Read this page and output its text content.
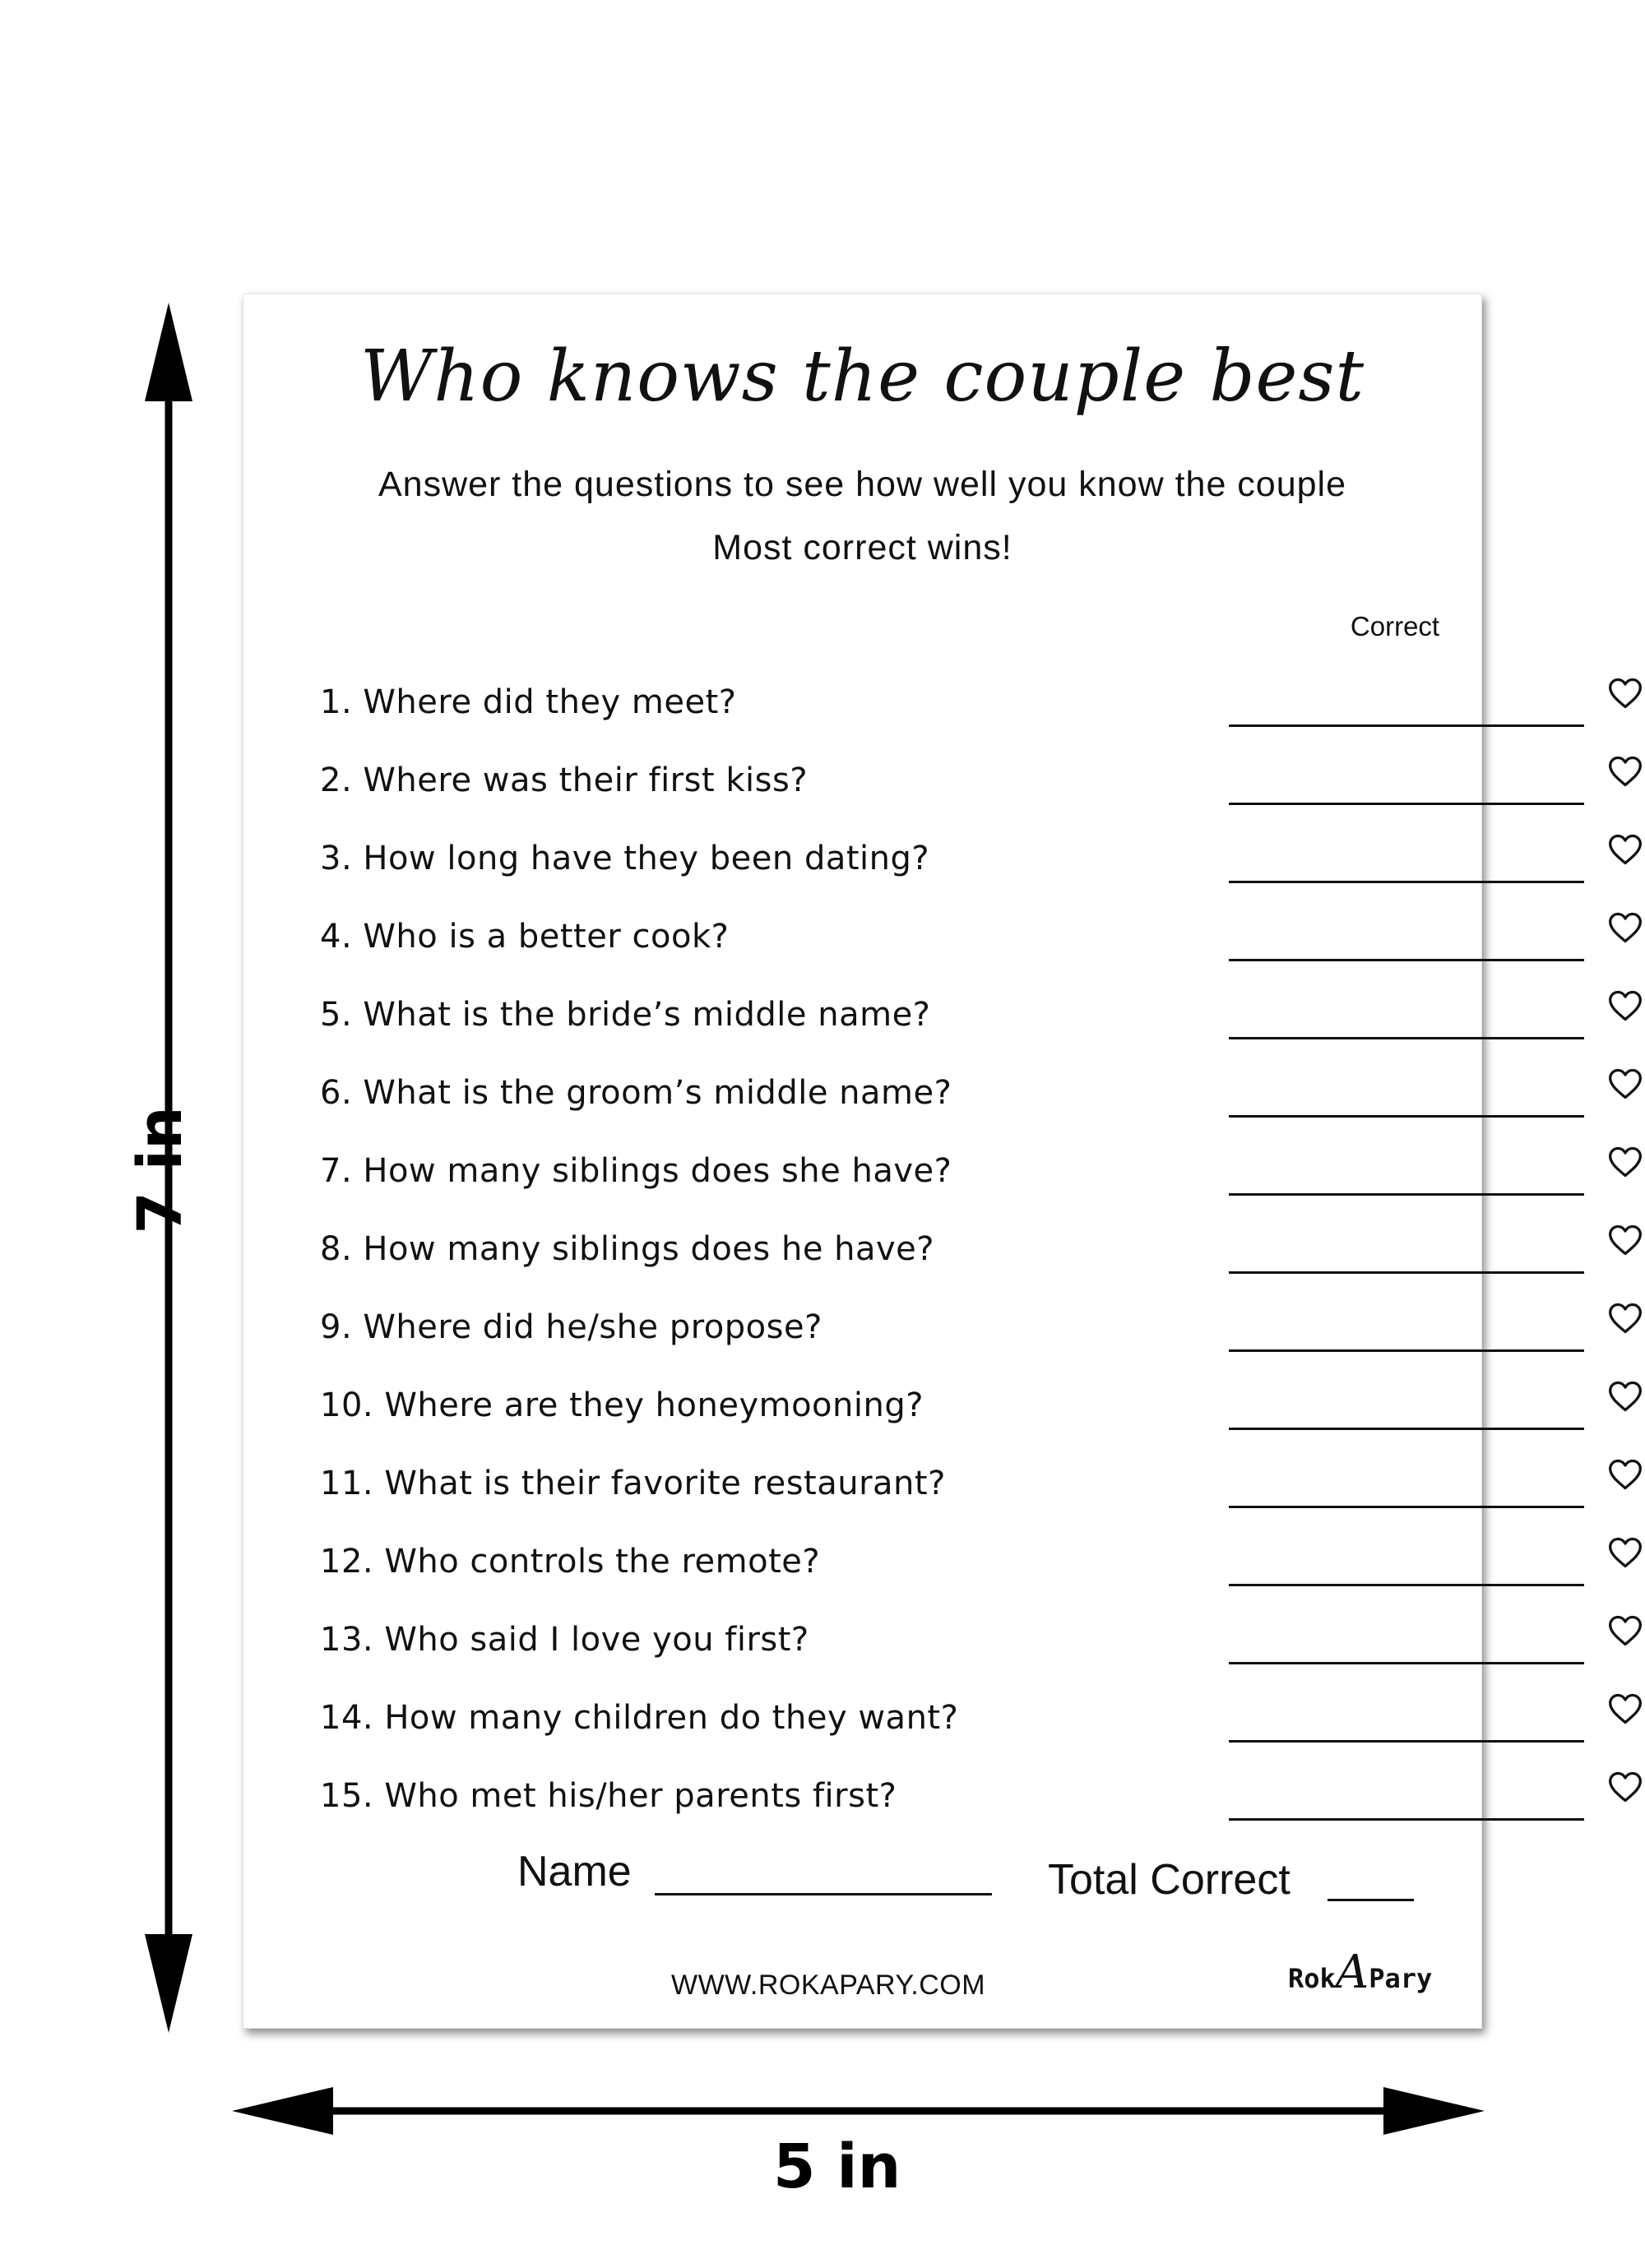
7 in
5 in
Who knows the couple best
Answer the questions to see how well you know the couple
Most correct wins!
Correct
1. Where did they meet?
2. Where was their first kiss?
3. How long have they been dating?
4. Who is a better cook?
5. What is the bride’s middle name?
6. What is the groom’s middle name?
7. How many siblings does she have?
8. How many siblings does he have?
9. Where did he/she propose?
10. Where are they honeymooning?
11. What is their favorite restaurant?
12. Who controls the remote?
13. Who said I love you first?
14. How many children do they want?
15. Who met his/her parents first?
Name	Total Correct
WWW.ROKAPARY.COM	RokAPary
